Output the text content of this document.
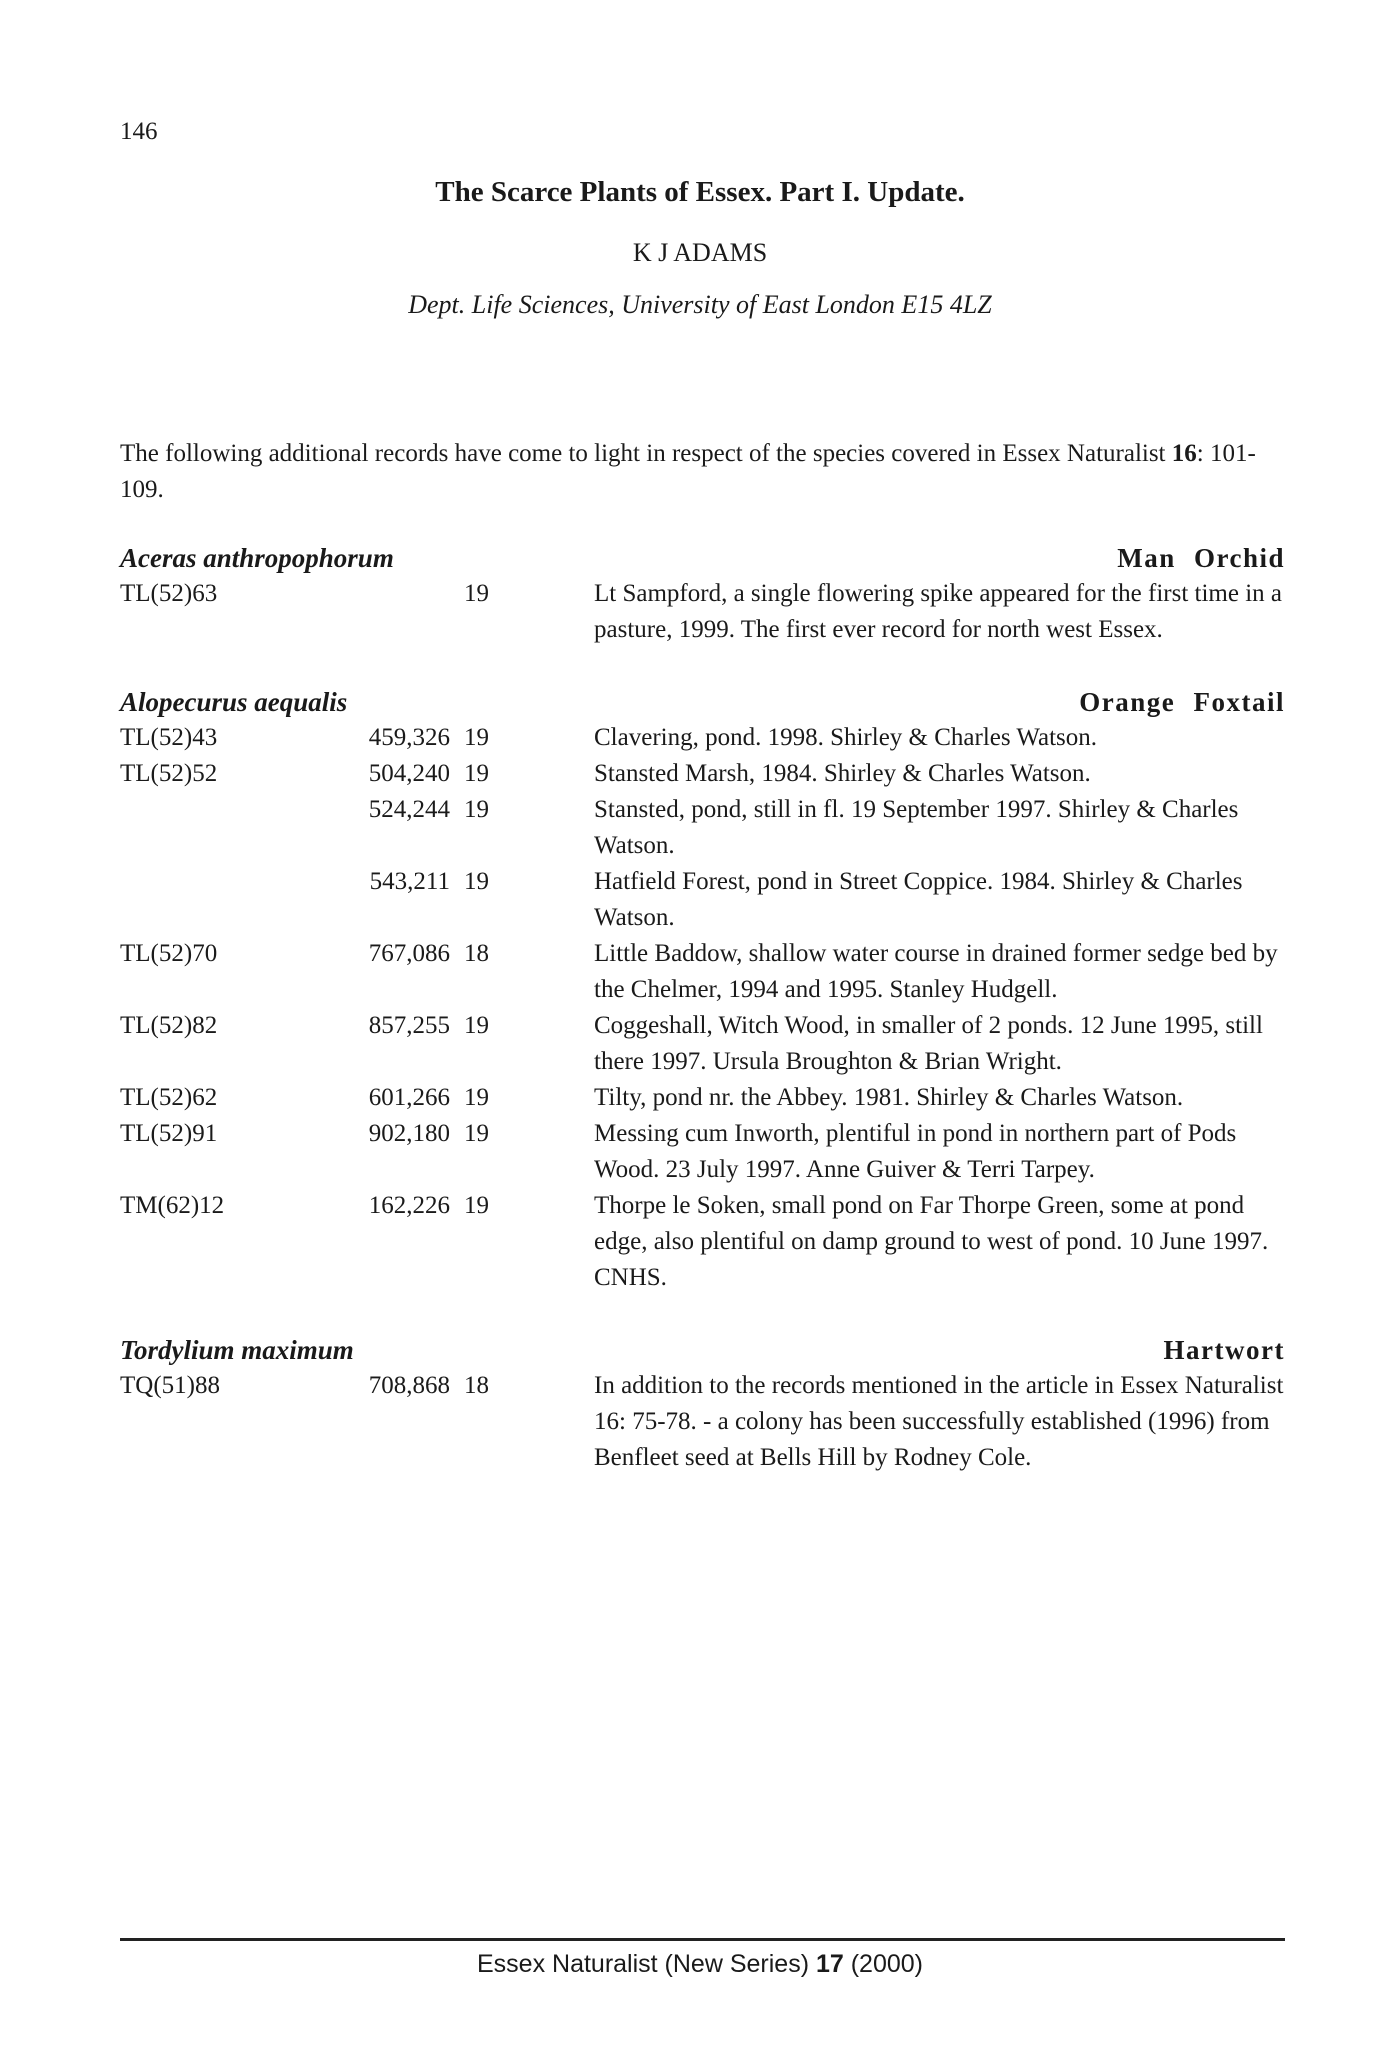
146
The Scarce Plants of Essex. Part I. Update.
K J ADAMS
Dept. Life Sciences, University of East London E15 4LZ
The following additional records have come to light in respect of the species covered in Essex Naturalist 16: 101-109.
Aceras anthropophorum	Man Orchid
TL(52)63	19	Lt Sampford, a single flowering spike appeared for the first time in a pasture, 1999. The first ever record for north west Essex.
Alopecurus aequalis	Orange Foxtail
TL(52)43	459,326 19	Clavering, pond. 1998. Shirley & Charles Watson.
TL(52)52	504,240 19	Stansted Marsh, 1984. Shirley & Charles Watson.
524,244 19	Stansted, pond, still in fl. 19 September 1997. Shirley & Charles Watson.
543,211 19	Hatfield Forest, pond in Street Coppice. 1984. Shirley & Charles Watson.
TL(52)70	767,086 18	Little Baddow, shallow water course in drained former sedge bed by the Chelmer, 1994 and 1995. Stanley Hudgell.
TL(52)82	857,255 19	Coggeshall, Witch Wood, in smaller of 2 ponds. 12 June 1995, still there 1997. Ursula Broughton & Brian Wright.
TL(52)62	601,266 19	Tilty, pond nr. the Abbey. 1981. Shirley & Charles Watson.
TL(52)91	902,180 19	Messing cum Inworth, plentiful in pond in northern part of Pods Wood. 23 July 1997. Anne Guiver & Terri Tarpey.
TM(62)12	162,226 19	Thorpe le Soken, small pond on Far Thorpe Green, some at pond edge, also plentiful on damp ground to west of pond. 10 June 1997. CNHS.
Tordylium maximum	Hartwort
TQ(51)88	708,868 18	In addition to the records mentioned in the article in Essex Naturalist 16: 75-78. - a colony has been successfully established (1996) from Benfleet seed at Bells Hill by Rodney Cole.
Essex Naturalist (New Series) 17 (2000)
